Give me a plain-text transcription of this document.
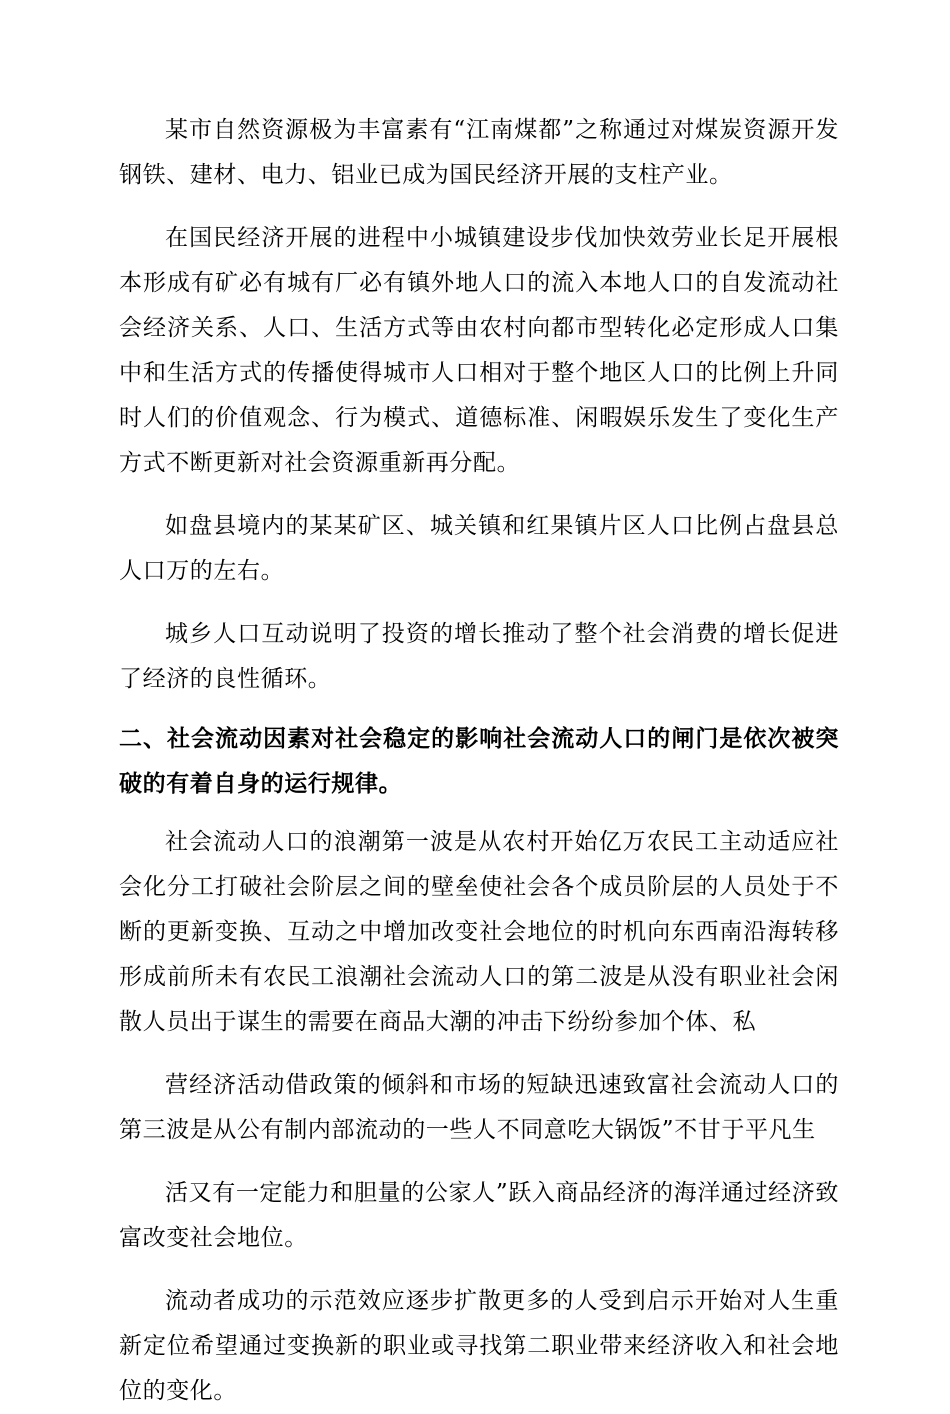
某市自然资源极为丰富素有“江南煤都”之称通过对煤炭资源开发钢铁、建材、电力、铝业已成为国民经济开展的支柱产业。

在国民经济开展的进程中小城镇建设步伐加快效劳业长足开展根本形成有矿必有城有厂必有镇外地人口的流入本地人口的自发流动社会经济关系、人口、生活方式等由农村向都市型转化必定形成人口集中和生活方式的传播使得城市人口相对于整个地区人口的比例上升同时人们的价值观念、行为模式、道德标准、闲暇娱乐发生了变化生产方式不断更新对社会资源重新再分配。

如盘县境内的某某矿区、城关镇和红果镇片区人口比例占盘县总人口万的左右。

城乡人口互动说明了投资的增长推动了整个社会消费的增长促进了经济的良性循环。

二、社会流动因素对社会稳定的影响社会流动人口的闸门是依次被突破的有着自身的运行规律。

社会流动人口的浪潮第一波是从农村开始亿万农民工主动适应社会化分工打破社会阶层之间的壁垒使社会各个成员阶层的人员处于不断的更新变换、互动之中增加改变社会地位的时机向东西南沿海转移形成前所未有农民工浪潮社会流动人口的第二波是从没有职业社会闲散人员出于谋生的需要在商品大潮的冲击下纷纷参加个体、私

营经济活动借政策的倾斜和市场的短缺迅速致富社会流动人口的第三波是从公有制内部流动的一些人不同意吃大锅饭”不甘于平凡生

活又有一定能力和胆量的公家人”跃入商品经济的海洋通过经济致富改变社会地位。

流动者成功的示范效应逐步扩散更多的人受到启示开始对人生重新定位希望通过变换新的职业或寻找第二职业带来经济收入和社会地位的变化。
